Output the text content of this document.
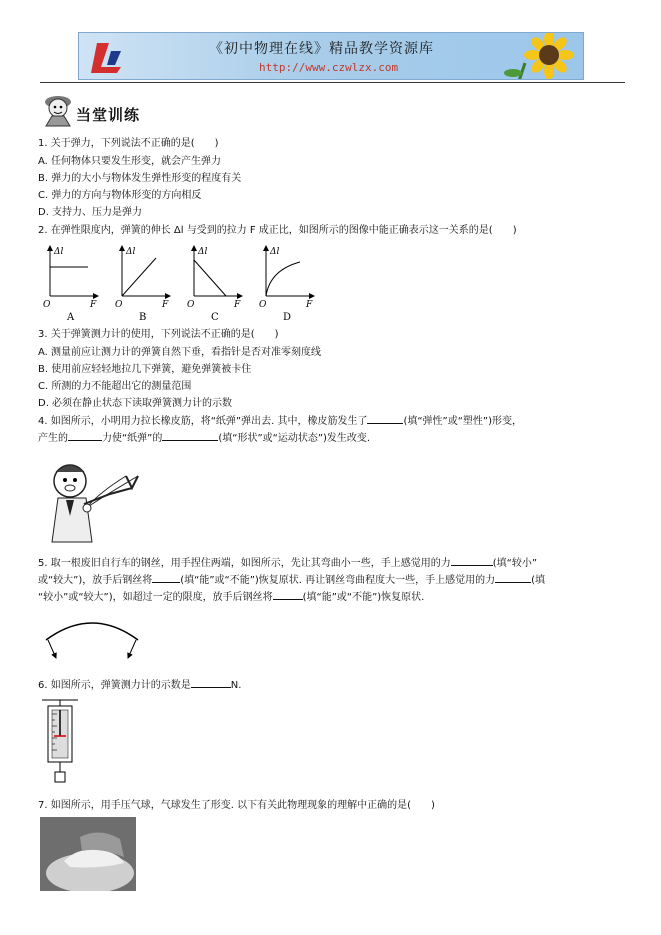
《初中物理在线》精品教学资源库
http://www.czwlzx.com
当堂训练
1. 关于弹力，下列说法不正确的是(　　)
A. 任何物体只要发生形变，就会产生弹力
B. 弹力的大小与物体发生弹性形变的程度有关
C. 弹力的方向与物体形变的方向相反
D. 支持力、压力是弹力
2. 在弹性限度内，弹簧的伸长 Δl 与受到的拉力 F 成正比，如图所示的图像中能正确表示这一关系的是(　　)
Δl
F
O
A
Δl
F
O
B
Δl
F
O
C
Δl
F
O
D
3. 关于弹簧测力计的使用，下列说法不正确的是(　　)
A. 测量前应让测力计的弹簧自然下垂，看指针是否对准零刻度线
B. 使用前应轻轻地拉几下弹簧，避免弹簧被卡住
C. 所测的力不能超出它的测量范围
D. 必须在静止状态下读取弹簧测力计的示数
4. 如图所示，小明用力拉长橡皮筋，将“纸弹”弹出去. 其中，橡皮筋发生了	(填“弹性”或“塑性”)形变，
产生的	力使“纸弹”的	(填“形状”或“运动状态”)发生改变.
5. 取一根废旧自行车的钢丝，用手捏住两端，如图所示，先让其弯曲小一些，手上感觉用的力	(填“较小”
或“较大”)，放手后钢丝将	(填“能”或“不能”)恢复原状. 再让钢丝弯曲程度大一些，手上感觉用的力	(填
“较小”或“较大”)，如超过一定的限度，放手后钢丝将	(填“能”或“不能”)恢复原状.
6. 如图所示，弹簧测力计的示数是	N.
7. 如图所示，用手压气球，气球发生了形变. 以下有关此物理现象的理解中正确的是(　　)
